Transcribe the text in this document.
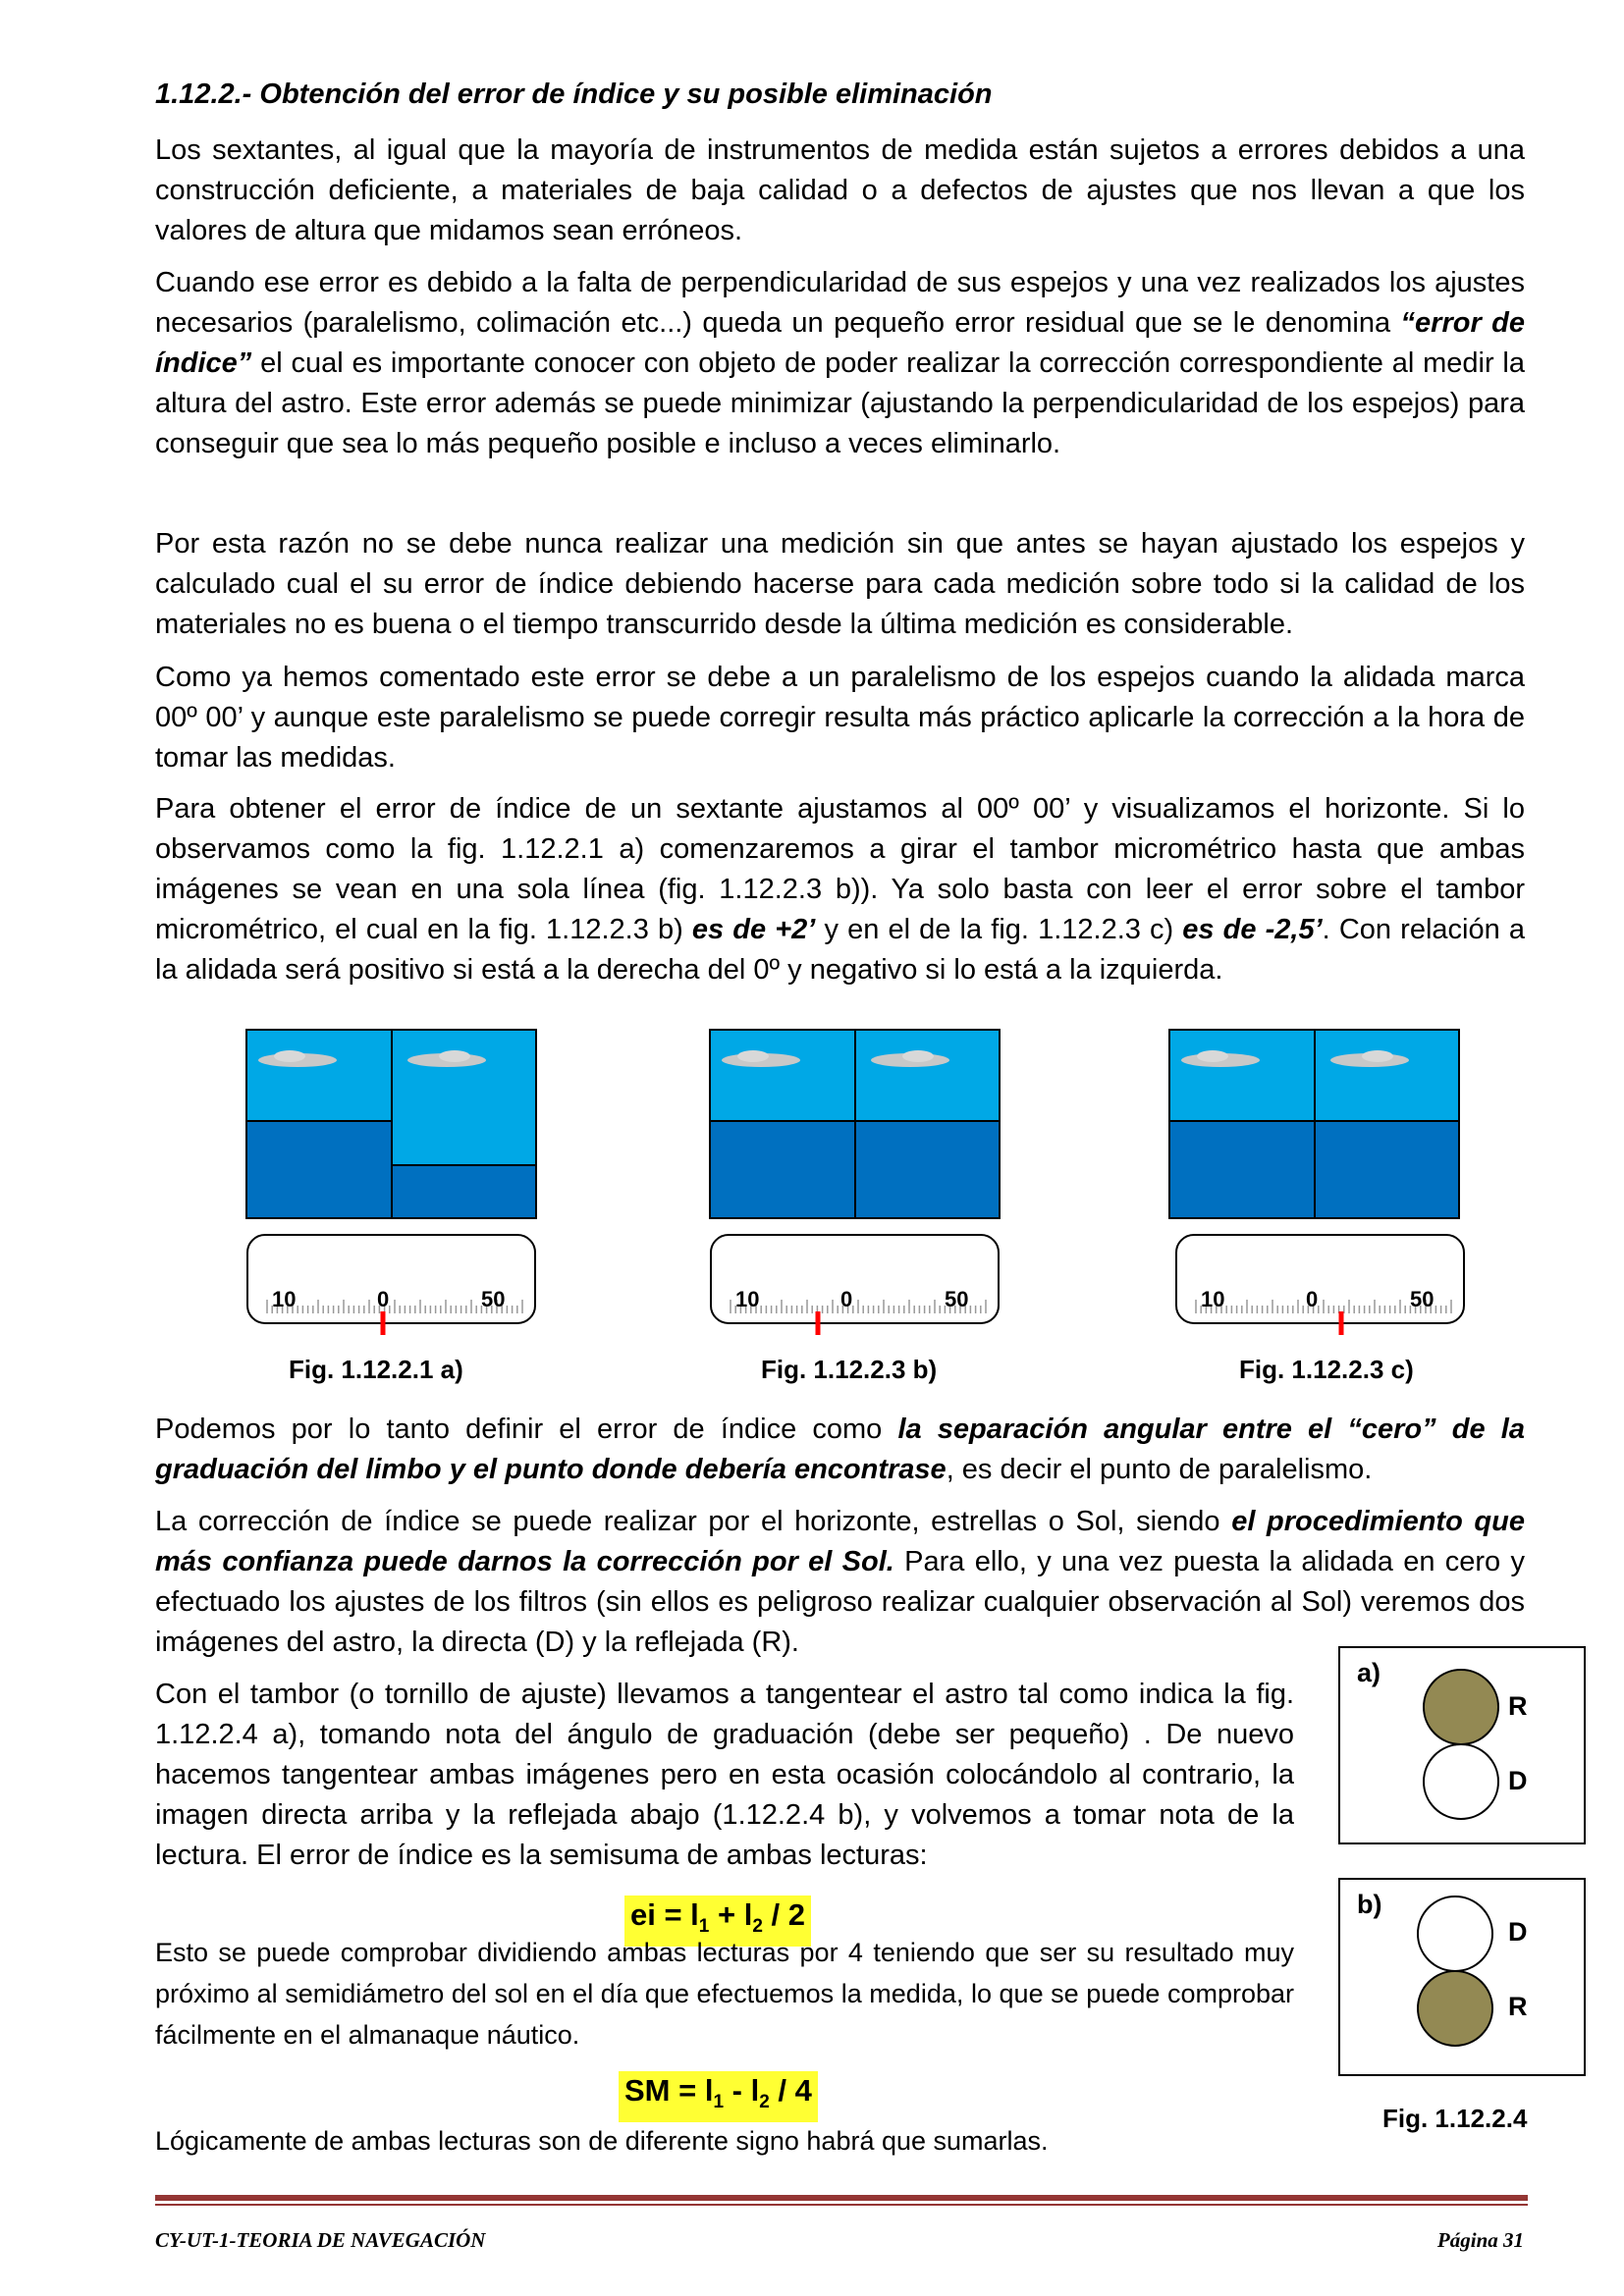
1.12.2.- Obtención del error de índice y su posible eliminación

Los sextantes, al igual que la mayoría de instrumentos de medida están sujetos a errores debidos a una construcción deficiente, a materiales de baja calidad o a defectos de ajustes que nos llevan a que los valores de altura que midamos sean erróneos.

Cuando ese error es debido a la falta de perpendicularidad de sus espejos y una vez realizados los ajustes necesarios (paralelismo, colimación etc...) queda un pequeño error residual que se le denomina “error de índice” el cual es importante conocer con objeto de poder realizar la corrección correspondiente al medir la altura del astro. Este error además se puede minimizar (ajustando la perpendicularidad de los espejos) para conseguir que sea lo más pequeño posible e incluso a veces eliminarlo.

Por esta razón no se debe nunca realizar una medición sin que antes se hayan ajustado los espejos y calculado cual el su error de índice debiendo hacerse para cada medición sobre todo si la calidad de los materiales no es buena o el tiempo transcurrido desde la última medición es considerable.

Como ya hemos comentado este error se debe a un paralelismo de los espejos cuando la alidada marca 00º 00’ y aunque este paralelismo se puede corregir resulta más práctico aplicarle la corrección a la hora de tomar las medidas.

Para obtener el error de índice de un sextante ajustamos al 00º 00’ y visualizamos el horizonte. Si lo observamos como la fig. 1.12.2.1 a) comenzaremos a girar el tambor micrométrico hasta que ambas imágenes se vean en una sola línea (fig. 1.12.2.3 b)). Ya solo basta con leer el error sobre el tambor micrométrico, el cual en la fig. 1.12.2.3 b) es de +2’ y en el de la fig. 1.12.2.3 c) es de -2,5’. Con relación a la alidada será positivo si está a la derecha del 0º y negativo si lo está a la izquierda.

10	0	50
Fig. 1.12.2.1 a)
10	0	50
Fig. 1.12.2.3 b)
10	0	50
Fig. 1.12.2.3 c)

Podemos por lo tanto definir el error de índice como la separación angular entre el “cero” de la graduación del limbo y el punto donde debería encontrase, es decir el punto de paralelismo.

La corrección de índice se puede realizar por el horizonte, estrellas o Sol, siendo el procedimiento que más confianza puede darnos la corrección por el Sol. Para ello, y una vez puesta la alidada en cero y efectuado los ajustes de los filtros (sin ellos es peligroso realizar cualquier observación al Sol) veremos dos imágenes del astro, la directa (D) y la reflejada (R).

Con el tambor (o tornillo de ajuste) llevamos a tangentear el astro tal como indica la fig. 1.12.2.4 a), tomando nota del ángulo de graduación (debe ser pequeño) . De nuevo hacemos tangentear ambas imágenes pero en esta ocasión colocándolo al contrario, la imagen directa arriba y la reflejada abajo (1.12.2.4 b), y volvemos a tomar nota de la lectura. El error de índice es la semisuma de ambas lecturas:

ei = $l_1 + l_2 / 2$

Esto se puede comprobar dividiendo ambas lecturas por 4 teniendo que ser su resultado muy próximo al semidiámetro del sol en el día que efectuemos la medida, lo que se puede comprobar fácilmente en el almanaque náutico.

SM = $l_1 - l_2 / 4$

Lógicamente de ambas lecturas son de diferente signo habrá que sumarlas.

a)
R
D
b)
D
R
Fig. 1.12.2.4
CY-UT-1-TEORIA DE NAVEGACIÓN	Página 31
